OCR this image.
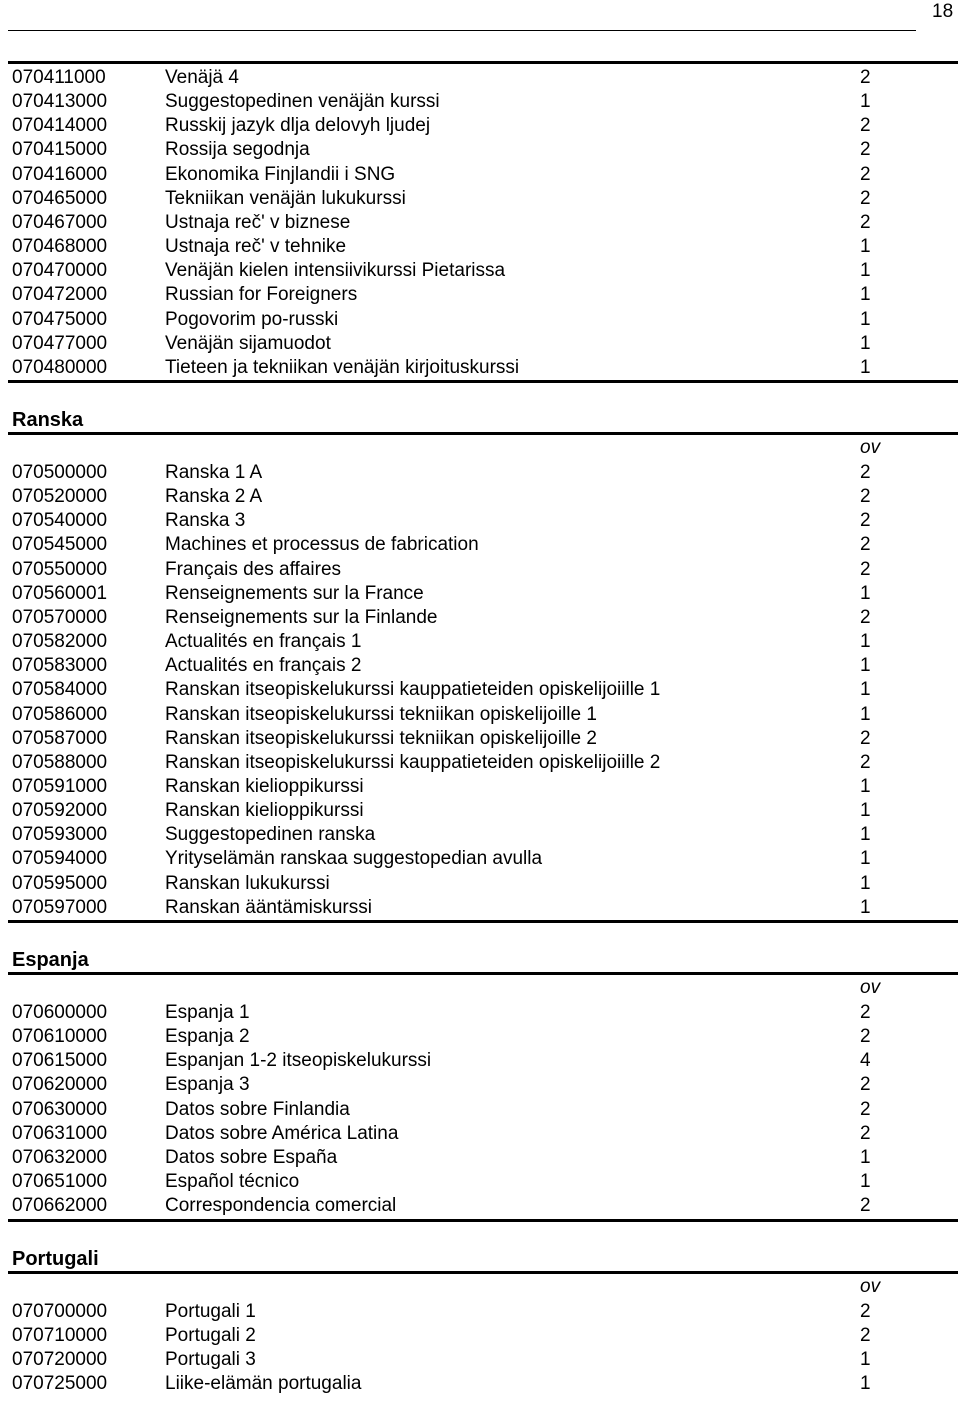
18
070411000	Venäjä 4	2
070413000	Suggestopedinen venäjän kurssi	1
070414000	Russkij jazyk dlja delovyh ljudej	2
070415000	Rossija segodnja	2
070416000	Ekonomika Finjlandii i SNG	2
070465000	Tekniikan venäjän lukukurssi	2
070467000	Ustnaja reč' v biznese	2
070468000	Ustnaja reč' v tehnike	1
070470000	Venäjän kielen intensiivikurssi Pietarissa	1
070472000	Russian for Foreigners	1
070475000	Pogovorim po-russki	1
070477000	Venäjän sijamuodot	1
070480000	Tieteen ja tekniikan venäjän kirjoituskurssi	1
Ranska
ov
070500000	Ranska 1 A	2
070520000	Ranska 2 A	2
070540000	Ranska 3	2
070545000	Machines et processus de fabrication	2
070550000	Français des affaires	2
070560001	Renseignements sur la France	1
070570000	Renseignements sur la Finlande	2
070582000	Actualités en français 1	1
070583000	Actualités en français 2	1
070584000	Ranskan itseopiskelukurssi kauppatieteiden opiskelijoiille 1	1
070586000	Ranskan itseopiskelukurssi tekniikan opiskelijoille 1	1
070587000	Ranskan itseopiskelukurssi tekniikan opiskelijoille 2	2
070588000	Ranskan itseopiskelukurssi kauppatieteiden opiskelijoiille 2	2
070591000	Ranskan kielioppikurssi	1
070592000	Ranskan kielioppikurssi	1
070593000	Suggestopedinen ranska	1
070594000	Yrityselämän ranskaa suggestopedian avulla	1
070595000	Ranskan lukukurssi	1
070597000	Ranskan ääntämiskurssi	1
Espanja
ov
070600000	Espanja 1	2
070610000	Espanja 2	2
070615000	Espanjan 1-2 itseopiskelukurssi	4
070620000	Espanja 3	2
070630000	Datos sobre Finlandia	2
070631000	Datos sobre América Latina	2
070632000	Datos sobre España	1
070651000	Español técnico	1
070662000	Correspondencia comercial	2
Portugali
ov
070700000	Portugali 1	2
070710000	Portugali 2	2
070720000	Portugali 3	1
070725000	Liike-elämän portugalia	1
